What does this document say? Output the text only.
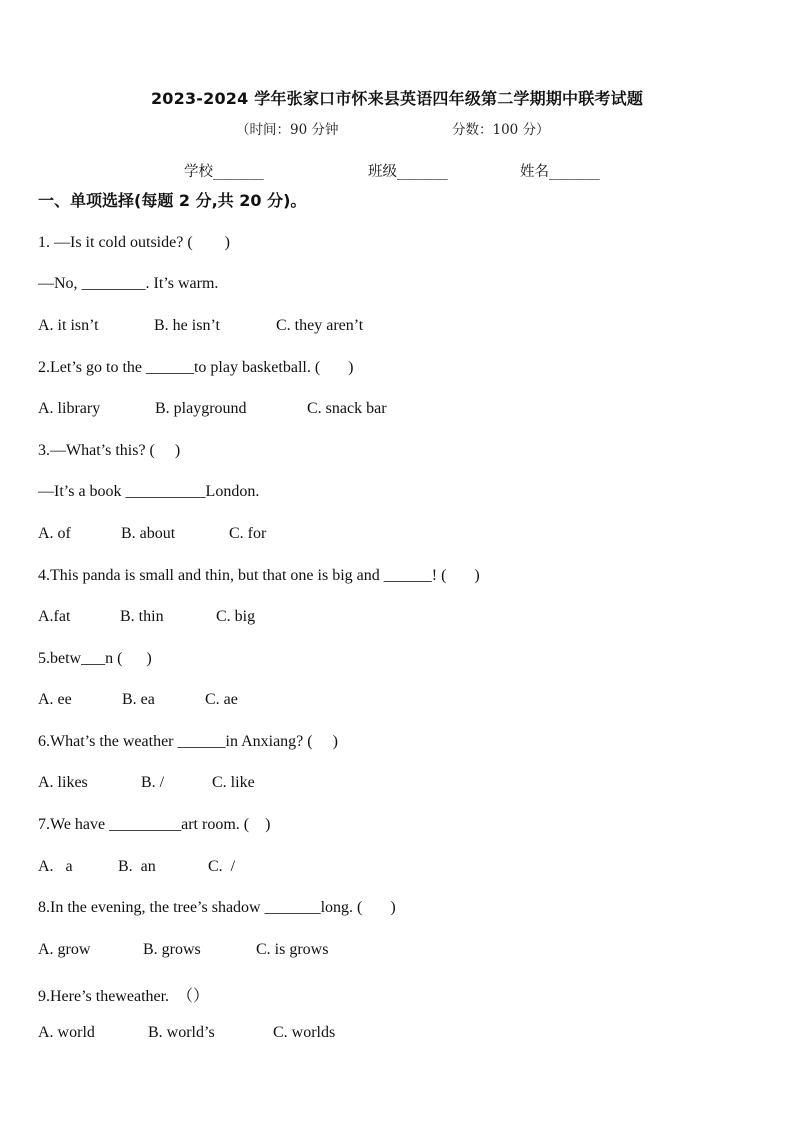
2023-2024 学年张家口市怀来县英语四年级第二学期期中联考试题
（时间：90 分钟	分数：100 分）
学校_______	班级_______	姓名_______
一、单项选择(每题 2 分,共 20 分)。
1. —Is it cold outside? (        )
—No, ________. It’s warm.
A. it isn’t	B. he isn’t	C. they aren’t
2.Let’s go to the ______to play basketball. (       )
A. library	B. playground	C. snack bar
3.—What’s this? (     )
—It’s a book __________London.
A. of	B. about	C. for
4.This panda is small and thin, but that one is big and ______! (       )
A.fat	B. thin	C. big
5.betw___n (      )
A. ee	B. ea	C. ae
6.What’s the weather ______in Anxiang? (     )
A. likes	B. /	C. like
7.We have _________art room. (    )
A.   a	B.  an	C.  /
8.In the evening, the tree’s shadow _______long. (       )
A. grow	B. grows	C. is grows
9.Here’s theweather.  （）
A. world	B. world’s	C. worlds
